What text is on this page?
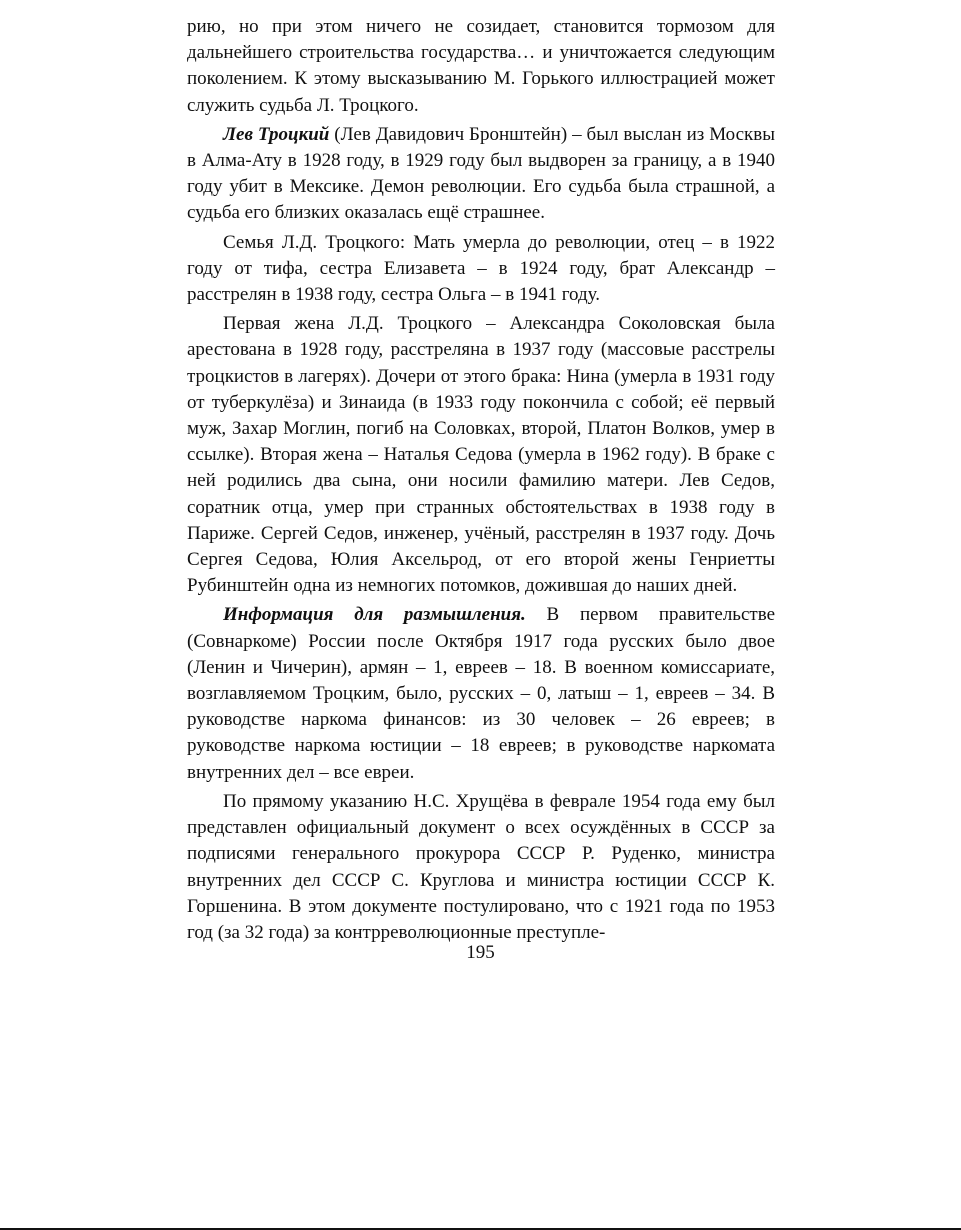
рию, но при этом ничего не созидает, становится тормозом для дальнейшего строительства государства… и уничтожается следующим поколением. К этому высказыванию М. Горького иллюстрацией может служить судьба Л. Троцкого.

Лев Троцкий (Лев Давидович Бронштейн) – был выслан из Москвы в Алма-Ату в 1928 году, в 1929 году был выдворен за границу, а в 1940 году убит в Мексике. Демон революции. Его судьба была страшной, а судьба его близких оказалась ещё страшнее.

Семья Л.Д. Троцкого: Мать умерла до революции, отец – в 1922 году от тифа, сестра Елизавета – в 1924 году, брат Александр – расстрелян в 1938 году, сестра Ольга – в 1941 году.

Первая жена Л.Д. Троцкого – Александра Соколовская была арестована в 1928 году, расстреляна в 1937 году (массовые расстрелы троцкистов в лагерях). Дочери от этого брака: Нина (умерла в 1931 году от туберкулёза) и Зинаида (в 1933 году покончила с собой; её первый муж, Захар Моглин, погиб на Соловках, второй, Платон Волков, умер в ссылке). Вторая жена – Наталья Седова (умерла в 1962 году). В браке с ней родились два сына, они носили фамилию матери. Лев Седов, соратник отца, умер при странных обстоятельствах в 1938 году в Париже. Сергей Седов, инженер, учёный, расстрелян в 1937 году. Дочь Сергея Седова, Юлия Аксельрод, от его второй жены Генриетты Рубинштейн одна из немногих потомков, дожившая до наших дней.

Информация для размышления. В первом правительстве (Совнаркоме) России после Октября 1917 года русских было двое (Ленин и Чичерин), армян – 1, евреев – 18. В военном комиссариате, возглавляемом Троцким, было, русских – 0, латыш – 1, евреев – 34. В руководстве наркома финансов: из 30 человек – 26 евреев; в руководстве наркома юстиции – 18 евреев; в руководстве наркомата внутренних дел – все евреи.

По прямому указанию Н.С. Хрущёва в феврале 1954 года ему был представлен официальный документ о всех осуждённых в СССР за подписями генерального прокурора СССР Р. Руденко, министра внутренних дел СССР С. Круглова и министра юстиции СССР К. Горшенина. В этом документе постулировано, что с 1921 года по 1953 год (за 32 года) за контрреволюционные преступле-

195
